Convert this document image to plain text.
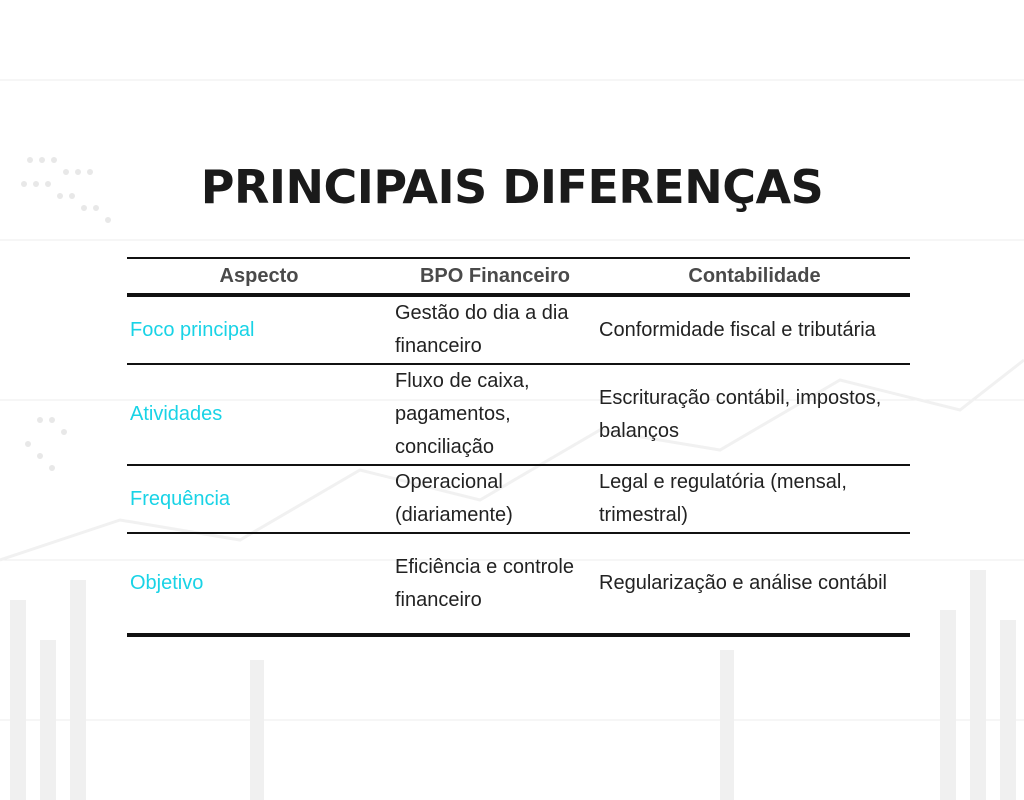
PRINCIPAIS DIFERENÇAS
Aspecto	BPO Financeiro	Contabilidade
Foco principal	Gestão do dia a dia financeiro	Conformidade fiscal e tributária
Atividades	Fluxo de caixa, pagamentos, conciliação	Escrituração contábil, impostos, balanços
Frequência	Operacional (diariamente)	Legal e regulatória (mensal, trimestral)
Objetivo	Eficiência e controle financeiro	Regularização e análise contábil
